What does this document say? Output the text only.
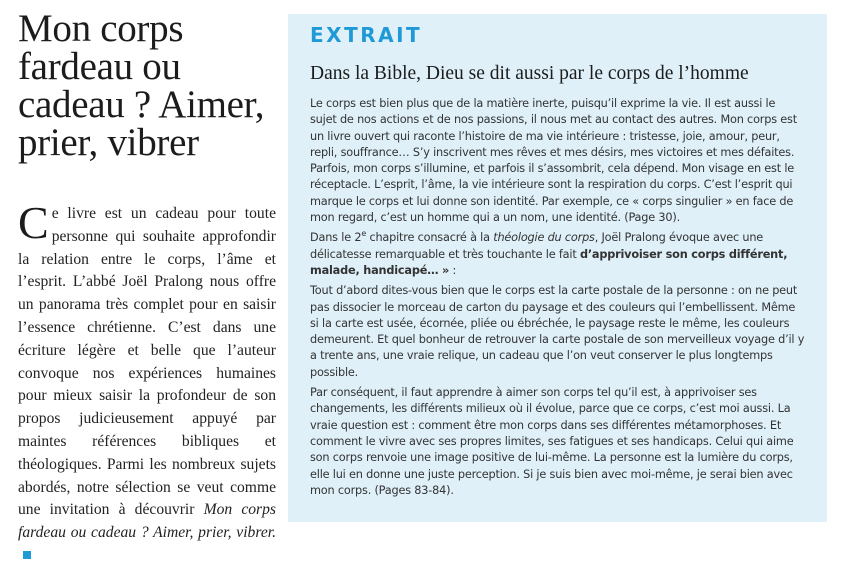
Mon corps fardeau ou cadeau ? Aimer, prier, vibrer
Ce livre est un cadeau pour toute personne qui souhaite approfondir la relation entre le corps, l’âme et l’esprit. L’abbé Joël Pralong nous offre un panorama très complet pour en saisir l’essence chrétienne. C’est dans une écriture légère et belle que l’auteur convoque nos expériences humaines pour mieux saisir la profondeur de son propos judicieusement appuyé par maintes références bibliques et théologiques. Parmi les nombreux sujets abordés, notre sélection se veut comme une invitation à découvrir Mon corps fardeau ou cadeau ? Aimer, prier, vibrer.
EXTRAIT
Dans la Bible, Dieu se dit aussi par le corps de l’homme

Le corps est bien plus que de la matière inerte, puisqu’il exprime la vie. Il est aussi le sujet de nos actions et de nos passions, il nous met au contact des autres. Mon corps est un livre ouvert qui raconte l’histoire de ma vie intérieure : tristesse, joie, amour, peur, repli, souffrance… S’y inscrivent mes rêves et mes désirs, mes victoires et mes défaites. Parfois, mon corps s’illumine, et parfois il s’assombrit, cela dépend. Mon visage en est le réceptacle. L’esprit, l’âme, la vie intérieure sont la respiration du corps. C’est l’esprit qui marque le corps et lui donne son identité. Par exemple, ce « corps singulier » en face de mon regard, c’est un homme qui a un nom, une identité. (Page 30).

Dans le 2e chapitre consacré à la théologie du corps, Joël Pralong évoque avec une délicatesse remarquable et très touchante le fait d’apprivoiser son corps différent, malade, handicapé… » :

Tout d’abord dites-vous bien que le corps est la carte postale de la personne : on ne peut pas dissocier le morceau de carton du paysage et des couleurs qui l’embellissent. Même si la carte est usée, écornée, pliée ou ébréchée, le paysage reste le même, les couleurs demeurent. Et quel bonheur de retrouver la carte postale de son merveilleux voyage d’il y a trente ans, une vraie relique, un cadeau que l’on veut conserver le plus longtemps possible.

Par conséquent, il faut apprendre à aimer son corps tel qu’il est, à apprivoiser ses changements, les différents milieux où il évolue, parce que ce corps, c’est moi aussi. La vraie question est : comment être mon corps dans ses différentes métamorphoses. Et comment le vivre avec ses propres limites, ses fatigues et ses handicaps. Celui qui aime son corps renvoie une image positive de lui-même. La personne est la lumière du corps, elle lui en donne une juste perception. Si je suis bien avec moi-même, je serai bien avec mon corps. (Pages 83-84).
